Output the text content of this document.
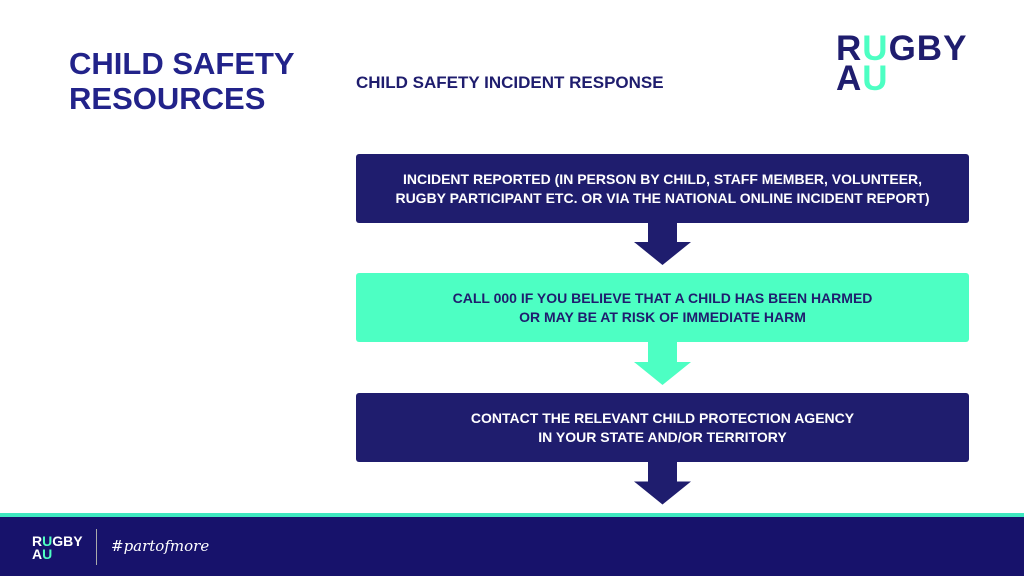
CHILD SAFETY
RESOURCES	CHILD SAFETY INCIDENT RESPONSE
RUGBY
AU
INCIDENT REPORTED (IN PERSON BY CHILD, STAFF MEMBER, VOLUNTEER,
RUGBY PARTICIPANT ETC. OR VIA THE NATIONAL ONLINE INCIDENT REPORT)
CALL 000 IF YOU BELIEVE THAT A CHILD HAS BEEN HARMED
OR MAY BE AT RISK OF IMMEDIATE HARM
CONTACT THE RELEVANT CHILD PROTECTION AGENCY
IN YOUR STATE AND/OR TERRITORY
RUGBY
AU	#partofmore
